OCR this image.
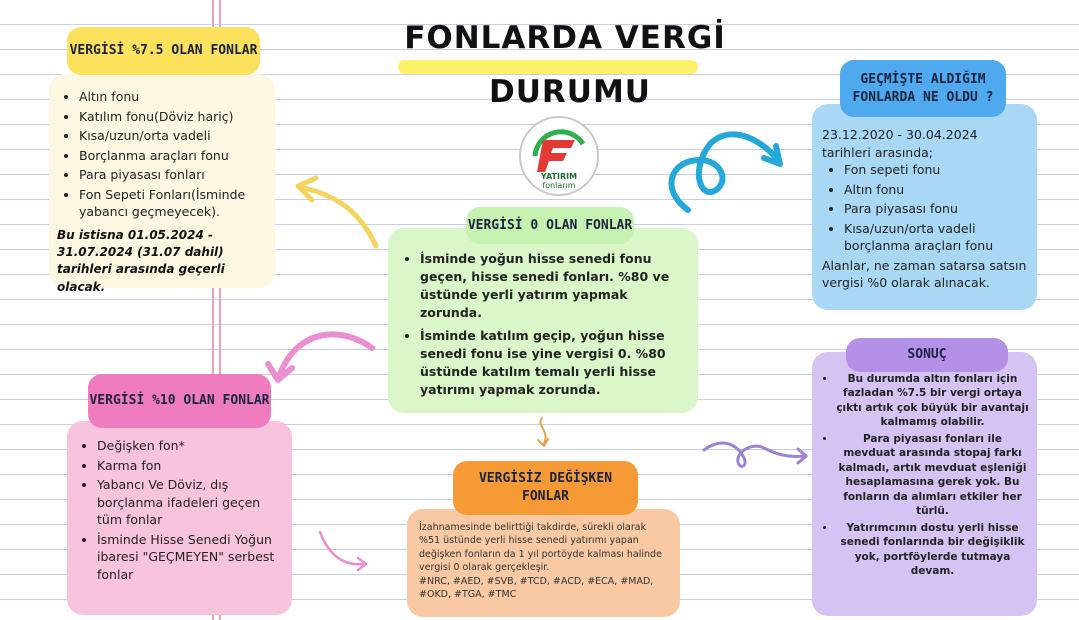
FONLARDA VERGİ
DURUMU
YATIRIM
fonlarım
• Altın fonu
• Katılım fonu(Döviz hariç)
• Kısa/uzun/orta vadeli
• Borçlanma araçları fonu
• Para piyasası fonları
• Fon Sepeti Fonları(İsminde yabancı geçmeyecek).
Bu istisna 01.05.2024 - 31.07.2024 (31.07 dahil) tarihleri arasında geçerli olacak.
VERGİSİ %7.5 OLAN FONLAR
• İsminde yoğun hisse senedi fonu geçen, hisse senedi fonları. %80 ve üstünde yerli yatırım yapmak zorunda.
• İsminde katılım geçip, yoğun hisse senedi fonu ise yine vergisi 0. %80 üstünde katılım temalı yerli hisse yatırımı yapmak zorunda.
VERGİSİ 0 OLAN FONLAR
23.12.2020 - 30.04.2024 tarihleri arasında;
• Fon sepeti fonu
• Altın fonu
• Para piyasası fonu
• Kısa/uzun/orta vadeli borçlanma araçları fonu
Alanlar, ne zaman satarsa satsın vergisi %0 olarak alınacak.
GEÇMİŞTE ALDIĞIM FONLARDA NE OLDU ?
• Değişken fon*
• Karma fon
• Yabancı Ve Döviz, dış borçlanma ifadeleri geçen tüm fonlar
• İsminde Hisse Senedi Yoğun ibaresi "GEÇMEYEN" serbest fonlar
VERGİSİ %10 OLAN FONLAR
İzahnamesinde belirttiği takdirde, sürekli olarak %51 üstünde yerli hisse senedi yatırımı yapan değişken fonların da 1 yıl portöyde kalması halinde vergisi 0 olarak gerçekleşir.
#NRC, #AED, #SVB, #TCD, #ACD, #ECA, #MAD, #OKD, #TGA, #TMC
VERGİSİZ DEĞİŞKEN FONLAR
• Bu durumda altın fonları için fazladan %7.5 bir vergi ortaya çıktı artık çok büyük bir avantajı kalmamış olabilir.
• Para piyasası fonları ile mevduat arasında stopaj farkı kalmadı, artık mevduat eşleniği hesaplamasına gerek yok. Bu fonların da alımları etkiler her türlü.
• Yatırımcının dostu yerli hisse senedi fonlarında bir değişiklik yok, portföylerde tutmaya devam.
SONUÇ
